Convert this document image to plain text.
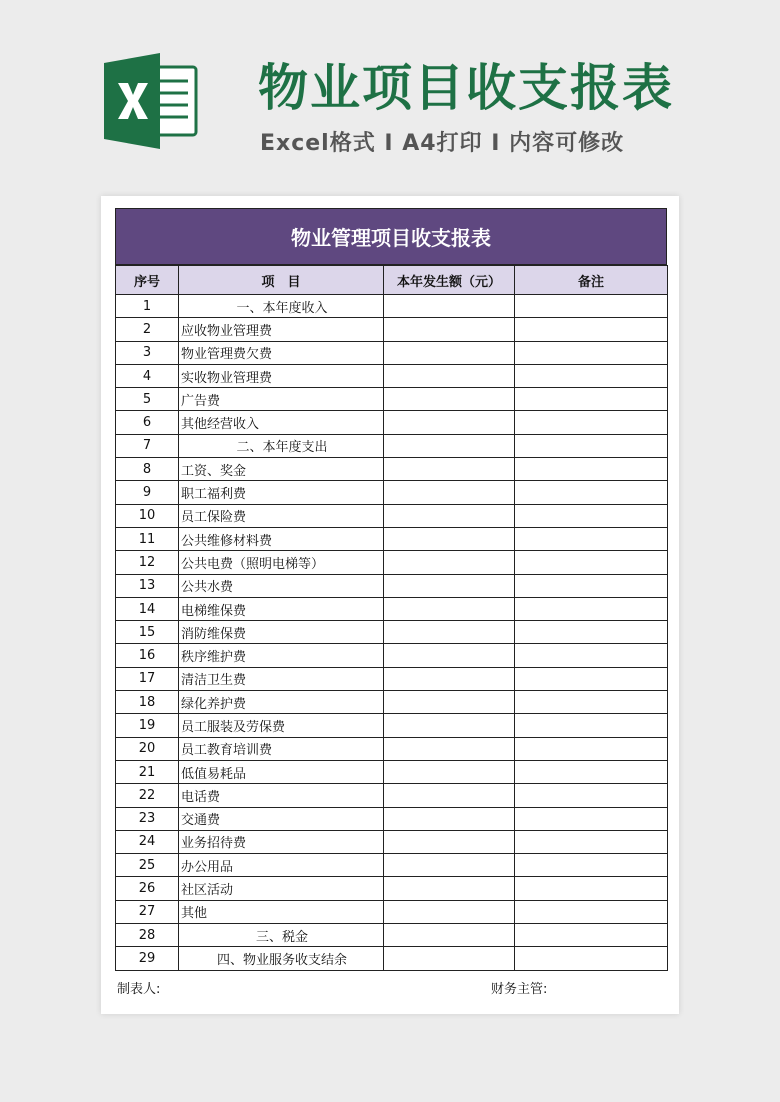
物业项目收支报表
Excel格式 I A4打印 I 内容可修改
物业管理项目收支报表
序号	项　目	本年发生额（元）	备注
1	一、本年度收入		
2	应收物业管理费		
3	物业管理费欠费		
4	实收物业管理费		
5	广告费		
6	其他经营收入		
7	二、本年度支出		
8	工资、奖金		
9	职工福利费		
10	员工保险费		
11	公共维修材料费		
12	公共电费（照明电梯等）		
13	公共水费		
14	电梯维保费		
15	消防维保费		
16	秩序维护费		
17	清洁卫生费		
18	绿化养护费		
19	员工服装及劳保费		
20	员工教育培训费		
21	低值易耗品		
22	电话费		
23	交通费		
24	业务招待费		
25	办公用品		
26	社区活动		
27	其他		
28	三、税金		
29	四、物业服务收支结余		
制表人:	财务主管:
